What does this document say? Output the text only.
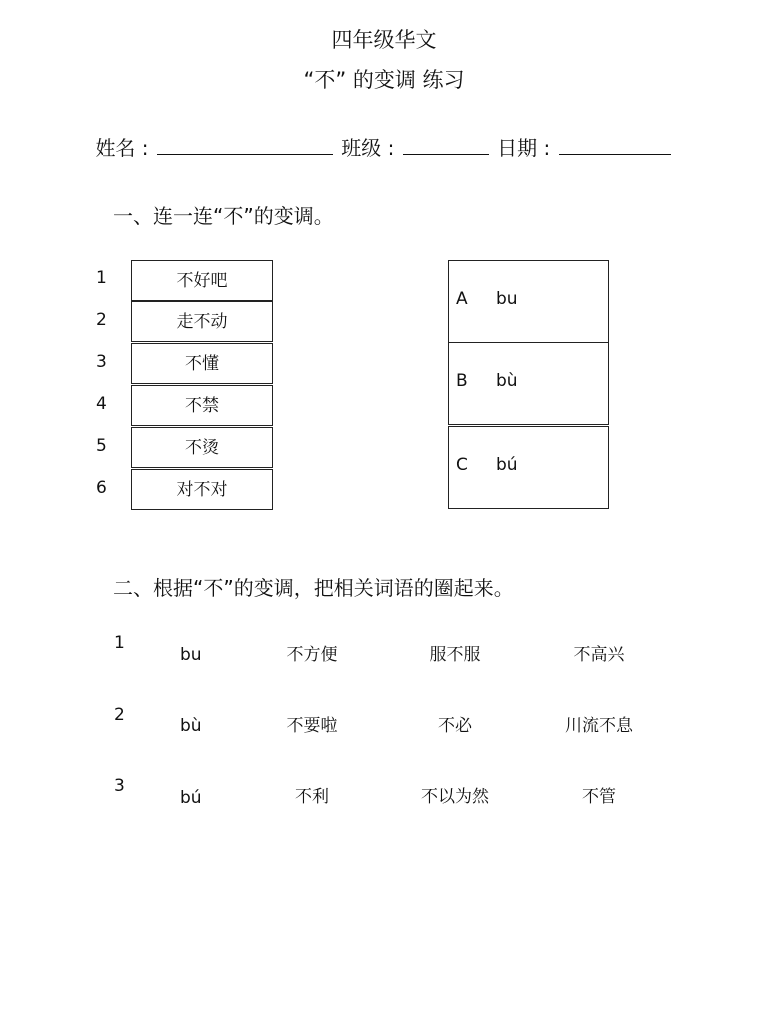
四年级华文
“不” 的变调 练习
姓名 :	班级 :	日期 :
一、连一连“不”的变调。
1
2
3
4
5
6
不好吧
走不动
不懂
不禁
不烫
对不对
A bu
B bù
C bú
二、根据“不”的变调，把相关词语的圈起来。
1
bu	不方便	服不服	不高兴
2
bù	不要啦	不必	川流不息
3
bú	不利	不以为然	不管
